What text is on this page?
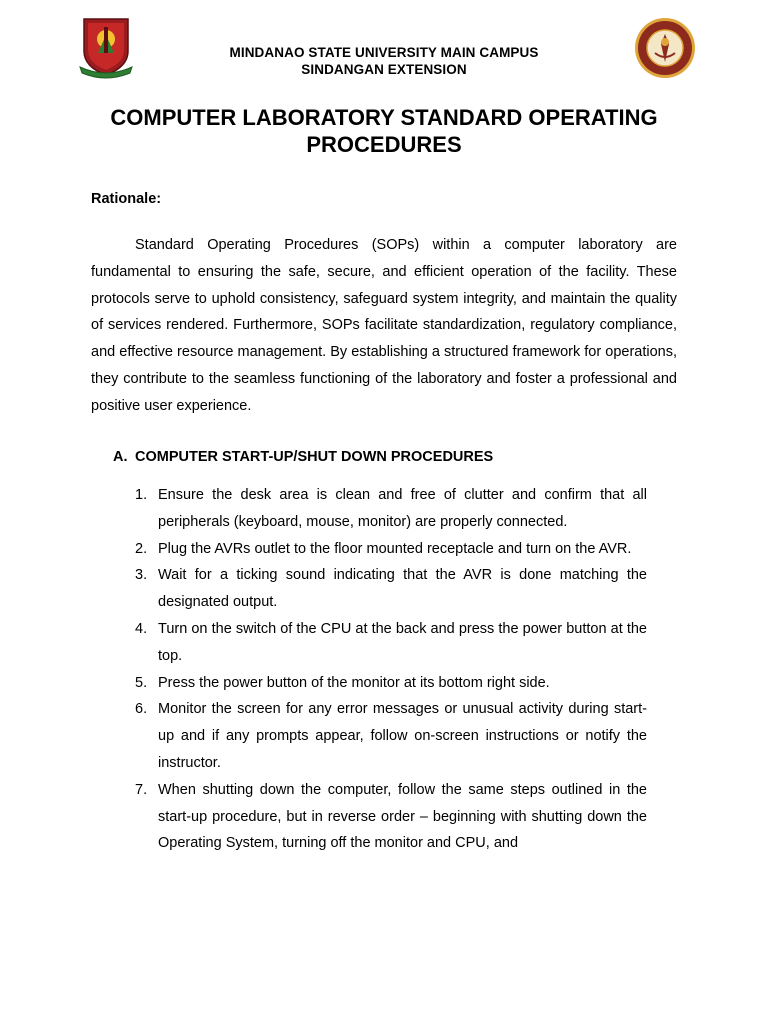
MINDANAO STATE UNIVERSITY MAIN CAMPUS
SINDANGAN EXTENSION
COMPUTER LABORATORY STANDARD OPERATING PROCEDURES
Rationale:

Standard Operating Procedures (SOPs) within a computer laboratory are fundamental to ensuring the safe, secure, and efficient operation of the facility. These protocols serve to uphold consistency, safeguard system integrity, and maintain the quality of services rendered. Furthermore, SOPs facilitate standardization, regulatory compliance, and effective resource management. By establishing a structured framework for operations, they contribute to the seamless functioning of the laboratory and foster a professional and positive user experience.

A. COMPUTER START-UP/SHUT DOWN PROCEDURES
1. Ensure the desk area is clean and free of clutter and confirm that all peripherals (keyboard, mouse, monitor) are properly connected.
2. Plug the AVRs outlet to the floor mounted receptacle and turn on the AVR.
3. Wait for a ticking sound indicating that the AVR is done matching the designated output.
4. Turn on the switch of the CPU at the back and press the power button at the top.
5. Press the power button of the monitor at its bottom right side.
6. Monitor the screen for any error messages or unusual activity during start-up and if any prompts appear, follow on-screen instructions or notify the instructor.
7. When shutting down the computer, follow the same steps outlined in the start-up procedure, but in reverse order – beginning with shutting down the Operating System, turning off the monitor and CPU, and
